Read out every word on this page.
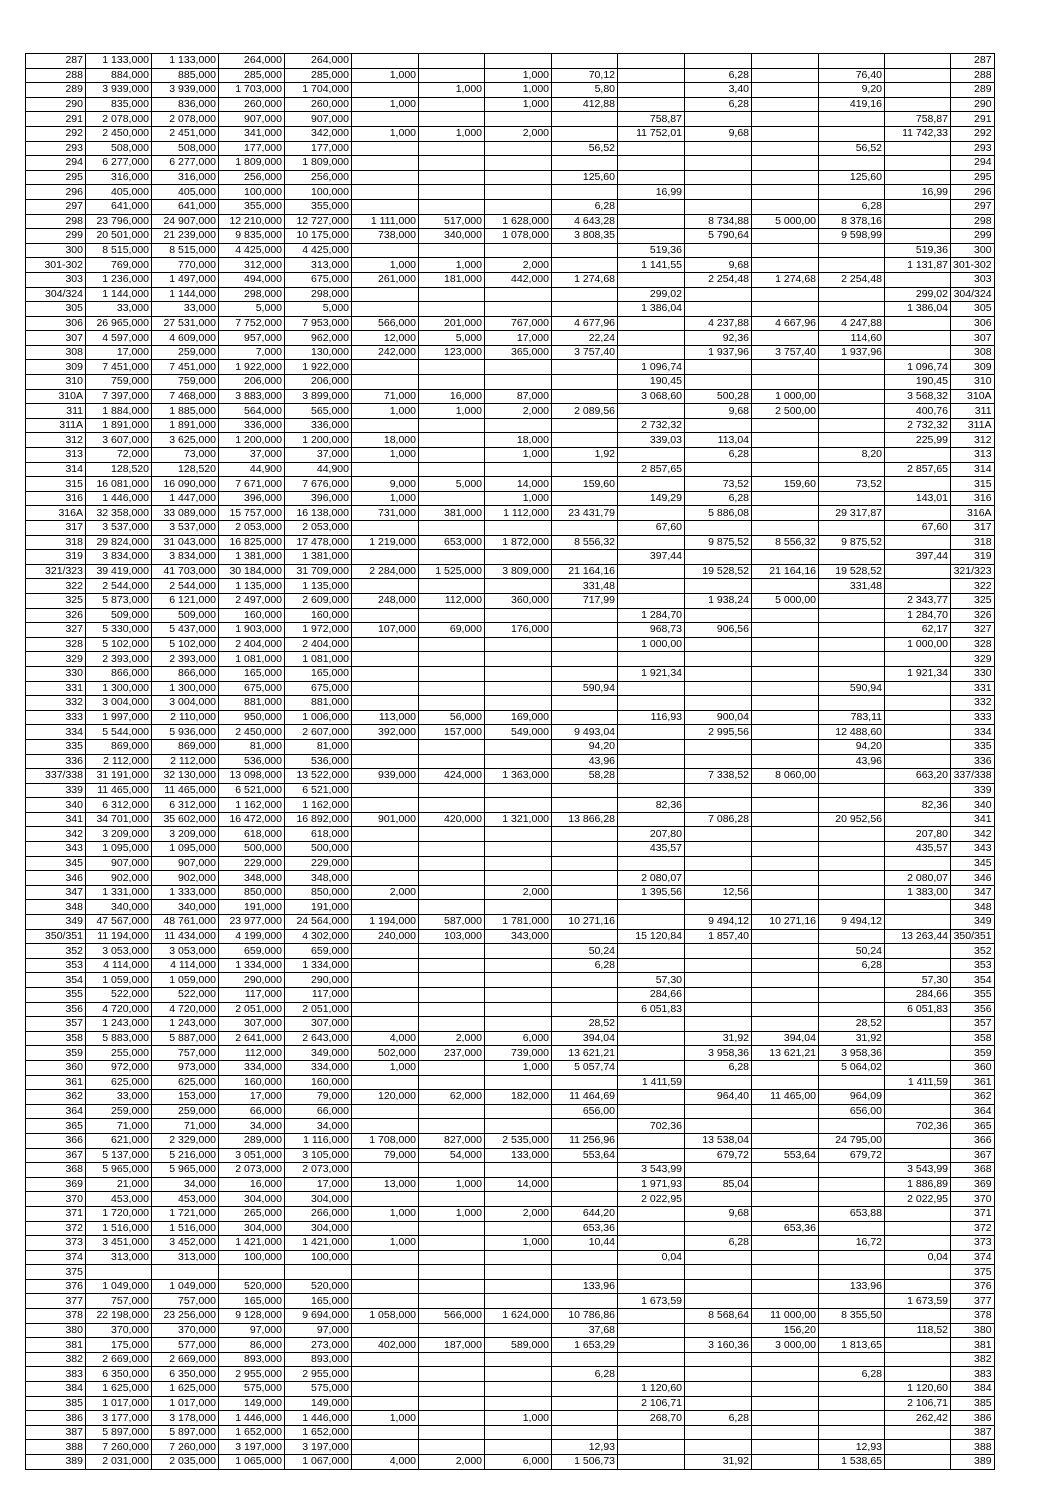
287	1 133,000	1 133,000	264,000	264,000										287
288	884,000	885,000	285,000	285,000	1,000		1,000	70,12		6,28		76,40		288
289	3 939,000	3 939,000	1 703,000	1 704,000		1,000	1,000	5,80		3,40		9,20		289
290	835,000	836,000	260,000	260,000	1,000		1,000	412,88		6,28		419,16		290
291	2 078,000	2 078,000	907,000	907,000					758,87				758,87	291
292	2 450,000	2 451,000	341,000	342,000	1,000	1,000	2,000		11 752,01	9,68			11 742,33	292
293	508,000	508,000	177,000	177,000				56,52				56,52		293
294	6 277,000	6 277,000	1 809,000	1 809,000										294
295	316,000	316,000	256,000	256,000				125,60				125,60		295
296	405,000	405,000	100,000	100,000					16,99				16,99	296
297	641,000	641,000	355,000	355,000				6,28				6,28		297
298	23 796,000	24 907,000	12 210,000	12 727,000	1 111,000	517,000	1 628,000	4 643,28		8 734,88	5 000,00	8 378,16		298
299	20 501,000	21 239,000	9 835,000	10 175,000	738,000	340,000	1 078,000	3 808,35		5 790,64		9 598,99		299
300	8 515,000	8 515,000	4 425,000	4 425,000					519,36				519,36	300
301-302	769,000	770,000	312,000	313,000	1,000	1,000	2,000		1 141,55	9,68			1 131,87	301-302
303	1 236,000	1 497,000	494,000	675,000	261,000	181,000	442,000	1 274,68		2 254,48	1 274,68	2 254,48		303
304/324	1 144,000	1 144,000	298,000	298,000					299,02				299,02	304/324
305	33,000	33,000	5,000	5,000					1 386,04				1 386,04	305
306	26 965,000	27 531,000	7 752,000	7 953,000	566,000	201,000	767,000	4 677,96		4 237,88	4 667,96	4 247,88		306
307	4 597,000	4 609,000	957,000	962,000	12,000	5,000	17,000	22,24		92,36		114,60		307
308	17,000	259,000	7,000	130,000	242,000	123,000	365,000	3 757,40		1 937,96	3 757,40	1 937,96		308
309	7 451,000	7 451,000	1 922,000	1 922,000					1 096,74				1 096,74	309
310	759,000	759,000	206,000	206,000					190,45				190,45	310
310A	7 397,000	7 468,000	3 883,000	3 899,000	71,000	16,000	87,000		3 068,60	500,28	1 000,00		3 568,32	310A
311	1 884,000	1 885,000	564,000	565,000	1,000	1,000	2,000	2 089,56		9,68	2 500,00		400,76	311
311A	1 891,000	1 891,000	336,000	336,000					2 732,32				2 732,32	311A
312	3 607,000	3 625,000	1 200,000	1 200,000	18,000		18,000		339,03	113,04			225,99	312
313	72,000	73,000	37,000	37,000	1,000		1,000	1,92		6,28		8,20		313
314	128,520	128,520	44,900	44,900					2 857,65				2 857,65	314
315	16 081,000	16 090,000	7 671,000	7 676,000	9,000	5,000	14,000	159,60		73,52	159,60	73,52		315
316	1 446,000	1 447,000	396,000	396,000	1,000		1,000		149,29	6,28			143,01	316
316A	32 358,000	33 089,000	15 757,000	16 138,000	731,000	381,000	1 112,000	23 431,79		5 886,08		29 317,87		316A
317	3 537,000	3 537,000	2 053,000	2 053,000					67,60				67,60	317
318	29 824,000	31 043,000	16 825,000	17 478,000	1 219,000	653,000	1 872,000	8 556,32		9 875,52	8 556,32	9 875,52		318
319	3 834,000	3 834,000	1 381,000	1 381,000					397,44				397,44	319
321/323	39 419,000	41 703,000	30 184,000	31 709,000	2 284,000	1 525,000	3 809,000	21 164,16		19 528,52	21 164,16	19 528,52		321/323
322	2 544,000	2 544,000	1 135,000	1 135,000				331,48				331,48		322
325	5 873,000	6 121,000	2 497,000	2 609,000	248,000	112,000	360,000	717,99		1 938,24	5 000,00		2 343,77	325
326	509,000	509,000	160,000	160,000					1 284,70				1 284,70	326
327	5 330,000	5 437,000	1 903,000	1 972,000	107,000	69,000	176,000		968,73	906,56			62,17	327
328	5 102,000	5 102,000	2 404,000	2 404,000					1 000,00				1 000,00	328
329	2 393,000	2 393,000	1 081,000	1 081,000										329
330	866,000	866,000	165,000	165,000					1 921,34				1 921,34	330
331	1 300,000	1 300,000	675,000	675,000				590,94				590,94		331
332	3 004,000	3 004,000	881,000	881,000										332
333	1 997,000	2 110,000	950,000	1 006,000	113,000	56,000	169,000		116,93	900,04		783,11		333
334	5 544,000	5 936,000	2 450,000	2 607,000	392,000	157,000	549,000	9 493,04		2 995,56		12 488,60		334
335	869,000	869,000	81,000	81,000				94,20				94,20		335
336	2 112,000	2 112,000	536,000	536,000				43,96				43,96		336
337/338	31 191,000	32 130,000	13 098,000	13 522,000	939,000	424,000	1 363,000	58,28		7 338,52	8 060,00		663,20	337/338
339	11 465,000	11 465,000	6 521,000	6 521,000										339
340	6 312,000	6 312,000	1 162,000	1 162,000					82,36				82,36	340
341	34 701,000	35 602,000	16 472,000	16 892,000	901,000	420,000	1 321,000	13 866,28		7 086,28		20 952,56		341
342	3 209,000	3 209,000	618,000	618,000					207,80				207,80	342
343	1 095,000	1 095,000	500,000	500,000					435,57				435,57	343
345	907,000	907,000	229,000	229,000										345
346	902,000	902,000	348,000	348,000					2 080,07				2 080,07	346
347	1 331,000	1 333,000	850,000	850,000	2,000		2,000		1 395,56	12,56			1 383,00	347
348	340,000	340,000	191,000	191,000										348
349	47 567,000	48 761,000	23 977,000	24 564,000	1 194,000	587,000	1 781,000	10 271,16		9 494,12	10 271,16	9 494,12		349
350/351	11 194,000	11 434,000	4 199,000	4 302,000	240,000	103,000	343,000		15 120,84	1 857,40			13 263,44	350/351
352	3 053,000	3 053,000	659,000	659,000				50,24				50,24		352
353	4 114,000	4 114,000	1 334,000	1 334,000				6,28				6,28		353
354	1 059,000	1 059,000	290,000	290,000					57,30				57,30	354
355	522,000	522,000	117,000	117,000					284,66				284,66	355
356	4 720,000	4 720,000	2 051,000	2 051,000					6 051,83				6 051,83	356
357	1 243,000	1 243,000	307,000	307,000				28,52				28,52		357
358	5 883,000	5 887,000	2 641,000	2 643,000	4,000	2,000	6,000	394,04		31,92	394,04	31,92		358
359	255,000	757,000	112,000	349,000	502,000	237,000	739,000	13 621,21		3 958,36	13 621,21	3 958,36		359
360	972,000	973,000	334,000	334,000	1,000		1,000	5 057,74		6,28		5 064,02		360
361	625,000	625,000	160,000	160,000					1 411,59				1 411,59	361
362	33,000	153,000	17,000	79,000	120,000	62,000	182,000	11 464,69		964,40	11 465,00	964,09		362
364	259,000	259,000	66,000	66,000				656,00				656,00		364
365	71,000	71,000	34,000	34,000					702,36				702,36	365
366	621,000	2 329,000	289,000	1 116,000	1 708,000	827,000	2 535,000	11 256,96		13 538,04		24 795,00		366
367	5 137,000	5 216,000	3 051,000	3 105,000	79,000	54,000	133,000	553,64		679,72	553,64	679,72		367
368	5 965,000	5 965,000	2 073,000	2 073,000					3 543,99				3 543,99	368
369	21,000	34,000	16,000	17,000	13,000	1,000	14,000		1 971,93	85,04			1 886,89	369
370	453,000	453,000	304,000	304,000					2 022,95				2 022,95	370
371	1 720,000	1 721,000	265,000	266,000	1,000	1,000	2,000	644,20		9,68		653,88		371
372	1 516,000	1 516,000	304,000	304,000				653,36			653,36			372
373	3 451,000	3 452,000	1 421,000	1 421,000	1,000		1,000	10,44		6,28		16,72		373
374	313,000	313,000	100,000	100,000					0,04				0,04	374
375														375
376	1 049,000	1 049,000	520,000	520,000				133,96				133,96		376
377	757,000	757,000	165,000	165,000					1 673,59				1 673,59	377
378	22 198,000	23 256,000	9 128,000	9 694,000	1 058,000	566,000	1 624,000	10 786,86		8 568,64	11 000,00	8 355,50		378
380	370,000	370,000	97,000	97,000				37,68			156,20		118,52	380
381	175,000	577,000	86,000	273,000	402,000	187,000	589,000	1 653,29		3 160,36	3 000,00	1 813,65		381
382	2 669,000	2 669,000	893,000	893,000										382
383	6 350,000	6 350,000	2 955,000	2 955,000				6,28				6,28		383
384	1 625,000	1 625,000	575,000	575,000					1 120,60				1 120,60	384
385	1 017,000	1 017,000	149,000	149,000					2 106,71				2 106,71	385
386	3 177,000	3 178,000	1 446,000	1 446,000	1,000		1,000		268,70	6,28			262,42	386
387	5 897,000	5 897,000	1 652,000	1 652,000										387
388	7 260,000	7 260,000	3 197,000	3 197,000				12,93				12,93		388
389	2 031,000	2 035,000	1 065,000	1 067,000	4,000	2,000	6,000	1 506,73		31,92		1 538,65		389
